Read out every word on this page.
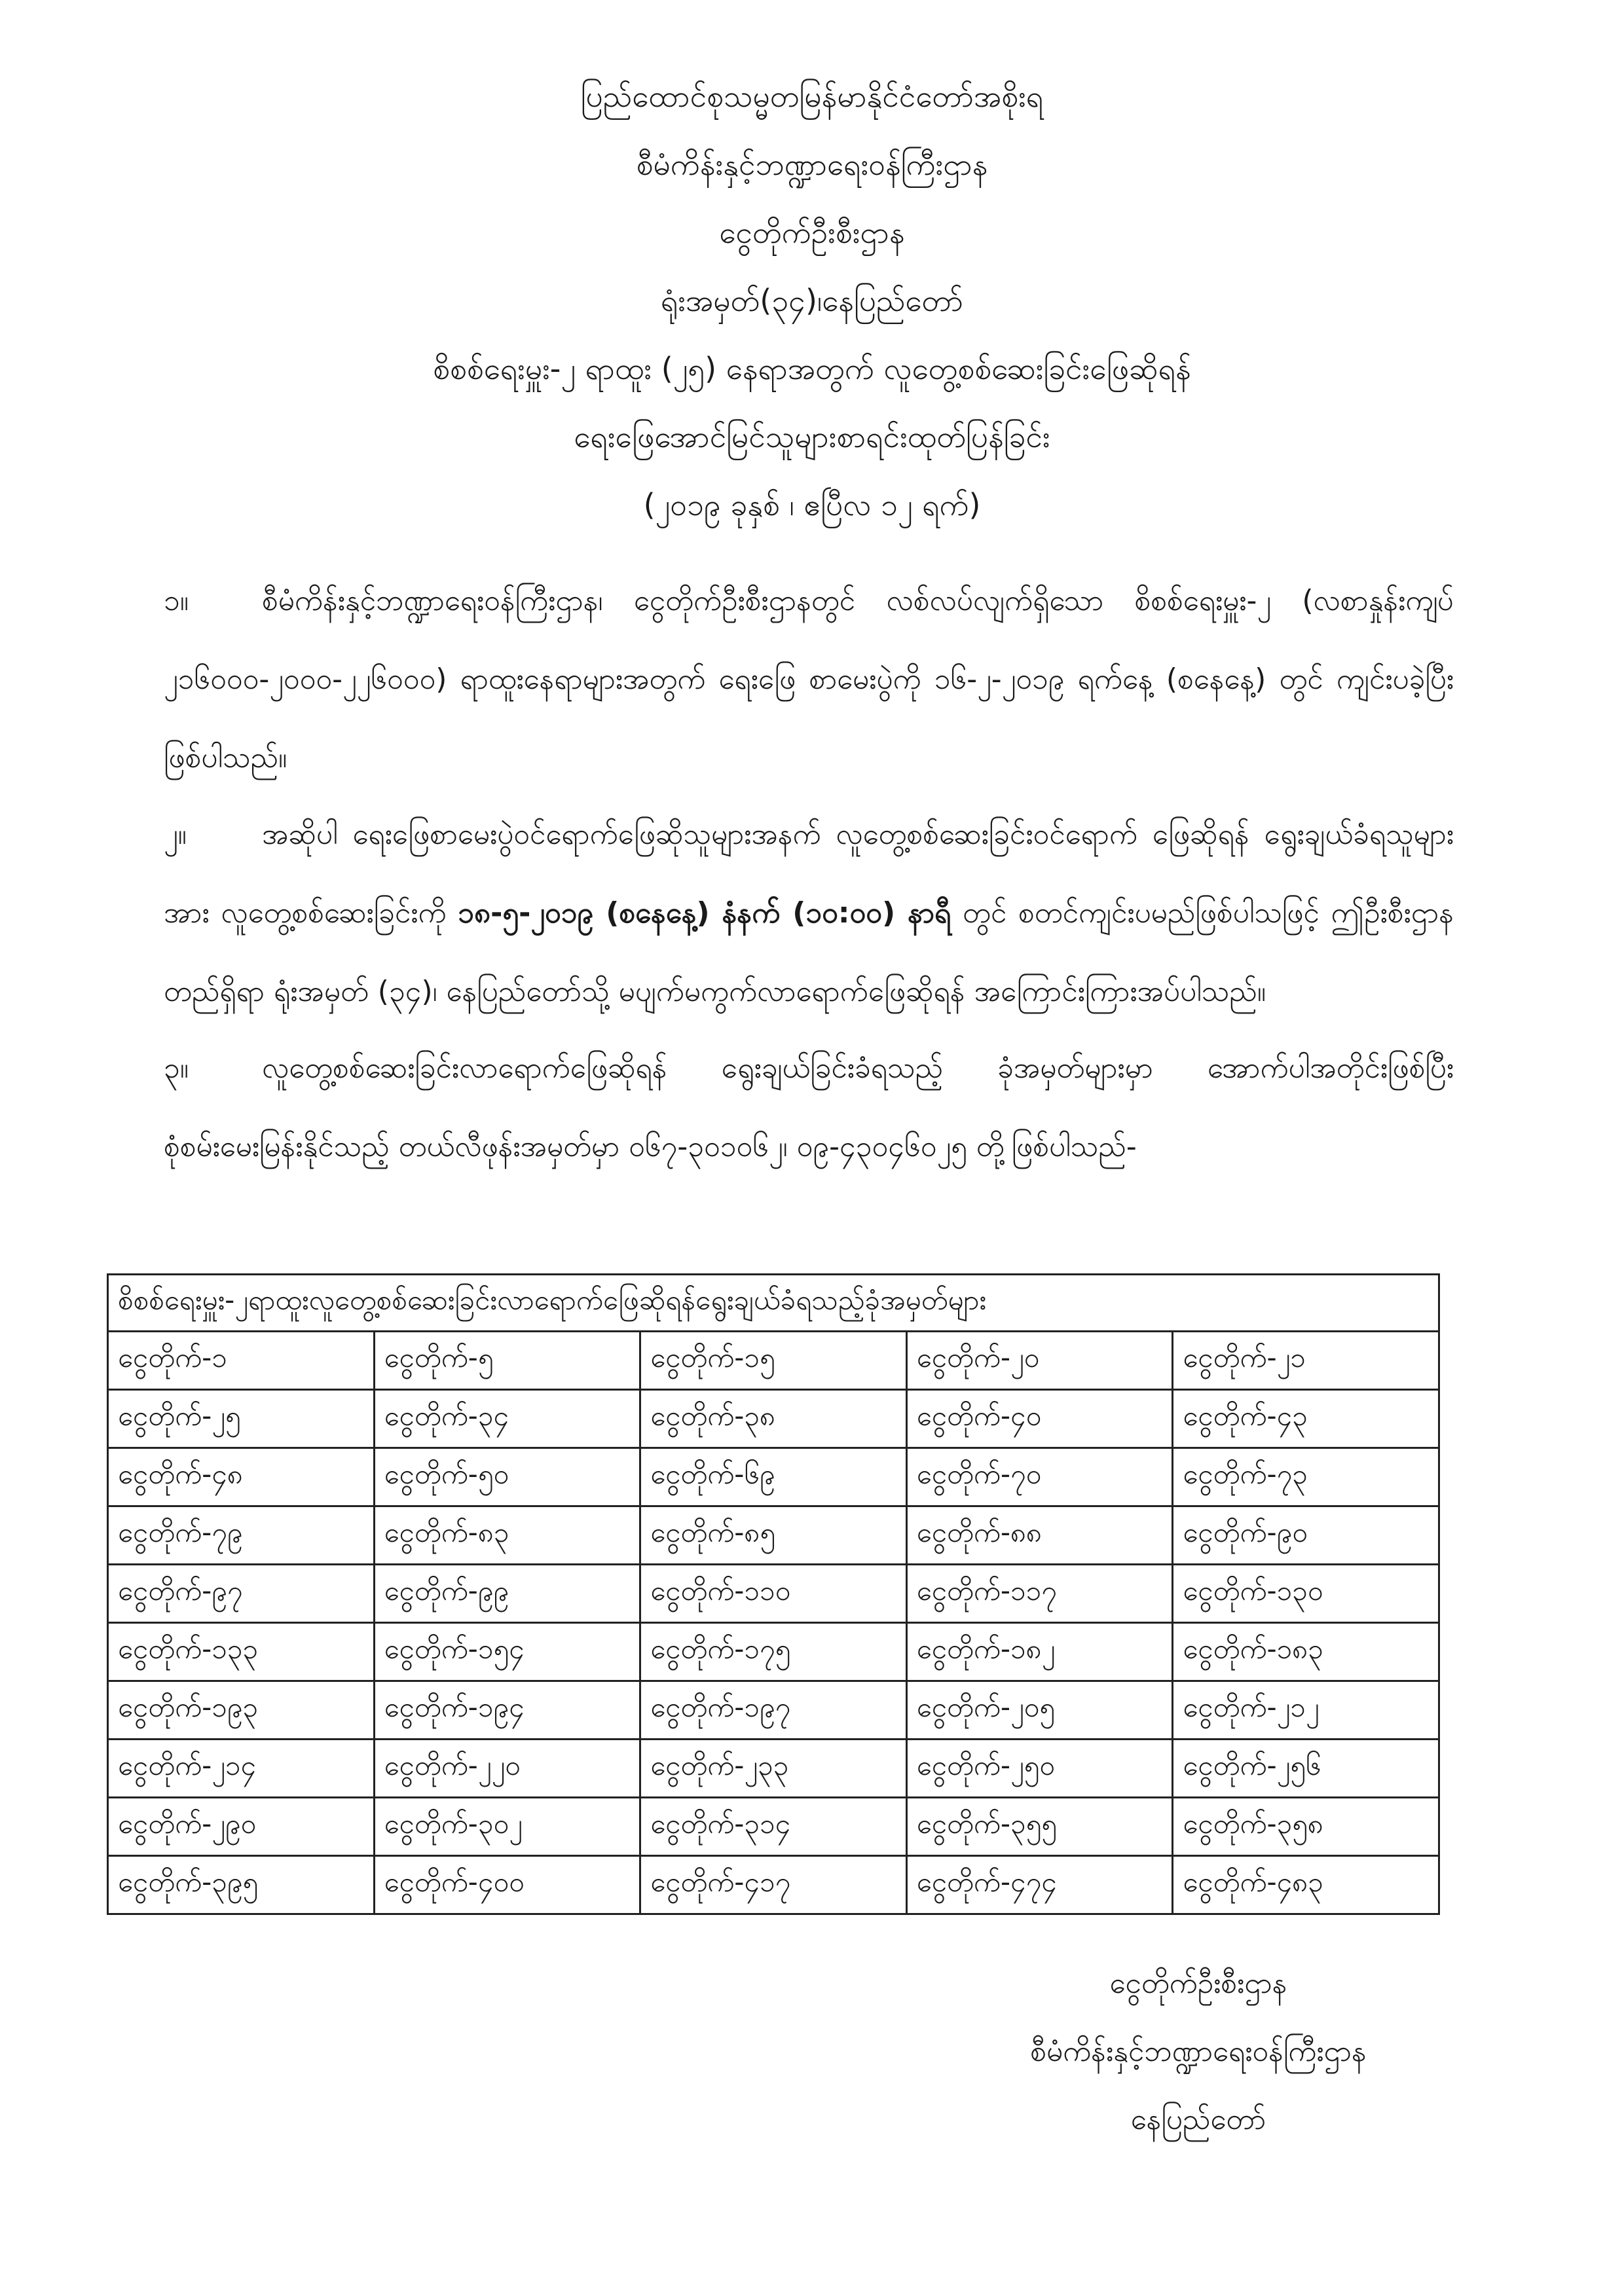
ပြည်ထောင်စုသမ္မတမြန်မာနိုင်ငံတော်အစိုးရ
စီမံကိန်းနှင့်ဘဏ္ဍာရေးဝန်ကြီးဌာန
ငွေတိုက်ဦးစီးဌာန
ရုံးအမှတ်(၃၄)၊နေပြည်တော်
စိစစ်ရေးမှူး-၂ ရာထူး (၂၅) နေရာအတွက် လူတွေ့စစ်ဆေးခြင်းဖြေဆိုရန်
ရေးဖြေအောင်မြင်သူများစာရင်းထုတ်ပြန်ခြင်း
(၂၀၁၉ ခုနှစ် ၊ ဧပြီလ ၁၂ ရက်)
၁။	စီမံကိန်းနှင့်ဘဏ္ဍာရေးဝန်ကြီးဌာန၊ ငွေတိုက်ဦးစီးဌာနတွင် လစ်လပ်လျက်ရှိသော စိစစ်ရေးမှူး-၂ (လစာနှုန်းကျပ် ၂၁၆၀၀၀-၂၀၀၀-၂၂၆၀၀၀) ရာထူးနေရာများအတွက် ရေးဖြေ စာမေးပွဲကို ၁၆-၂-၂၀၁၉ ရက်နေ့ (စနေနေ့) တွင် ကျင်းပခဲ့ပြီးဖြစ်ပါသည်။
၂။	အဆိုပါ ရေးဖြေစာမေးပွဲဝင်ရောက်ဖြေဆိုသူများအနက် လူတွေ့စစ်ဆေးခြင်းဝင်ရောက် ဖြေဆိုရန် ရွေးချယ်ခံရသူများအား လူတွေ့စစ်ဆေးခြင်းကို ၁၈-၅-၂၀၁၉ (စနေနေ့) နံနက် (၁၀:၀၀) နာရီ တွင် စတင်ကျင်းပမည်ဖြစ်ပါသဖြင့် ဤဦးစီးဌာနတည်ရှိရာ ရုံးအမှတ် (၃၄)၊ နေပြည်တော်သို့ မပျက်မကွက်လာရောက်ဖြေဆိုရန် အကြောင်းကြားအပ်ပါသည်။
၃။	လူတွေ့စစ်ဆေးခြင်းလာရောက်ဖြေဆိုရန် ရွေးချယ်ခြင်းခံရသည့် ခုံအမှတ်များမှာ အောက်ပါအတိုင်းဖြစ်ပြီး စုံစမ်းမေးမြန်းနိုင်သည့် တယ်လီဖုန်းအမှတ်မှာ ၀၆၇-၃၀၁၀၆၂၊ ၀၉-၄၃၀၄၆၀၂၅ တို့ဖြစ်ပါသည်-
စိစစ်ရေးမှူး-၂ရာထူးလူတွေ့စစ်ဆေးခြင်းလာရောက်ဖြေဆိုရန်ရွေးချယ်ခံရသည့်ခုံအမှတ်များ				
ငွေတိုက်-၁	ငွေတိုက်-၅	ငွေတိုက်-၁၅	ငွေတိုက်-၂၀	ငွေတိုက်-၂၁
ငွေတိုက်-၂၅	ငွေတိုက်-၃၄	ငွေတိုက်-၃၈	ငွေတိုက်-၄၀	ငွေတိုက်-၄၃
ငွေတိုက်-၄၈	ငွေတိုက်-၅၀	ငွေတိုက်-၆၉	ငွေတိုက်-၇၀	ငွေတိုက်-၇၃
ငွေတိုက်-၇၉	ငွေတိုက်-၈၃	ငွေတိုက်-၈၅	ငွေတိုက်-၈၈	ငွေတိုက်-၉၀
ငွေတိုက်-၉၇	ငွေတိုက်-၉၉	ငွေတိုက်-၁၁၀	ငွေတိုက်-၁၁၇	ငွေတိုက်-၁၃၀
ငွေတိုက်-၁၃၃	ငွေတိုက်-၁၅၄	ငွေတိုက်-၁၇၅	ငွေတိုက်-၁၈၂	ငွေတိုက်-၁၈၃
ငွေတိုက်-၁၉၃	ငွေတိုက်-၁၉၄	ငွေတိုက်-၁၉၇	ငွေတိုက်-၂၀၅	ငွေတိုက်-၂၁၂
ငွေတိုက်-၂၁၄	ငွေတိုက်-၂၂၀	ငွေတိုက်-၂၃၃	ငွေတိုက်-၂၅၀	ငွေတိုက်-၂၅၆
ငွေတိုက်-၂၉၀	ငွေတိုက်-၃၀၂	ငွေတိုက်-၃၁၄	ငွေတိုက်-၃၅၅	ငွေတိုက်-၃၅၈
ငွေတိုက်-၃၉၅	ငွေတိုက်-၄၀၀	ငွေတိုက်-၄၁၇	ငွေတိုက်-၄၇၄	ငွေတိုက်-၄၈၃
ငွေတိုက်ဦးစီးဌာန
စီမံကိန်းနှင့်ဘဏ္ဍာရေးဝန်ကြီးဌာန
နေပြည်တော်
